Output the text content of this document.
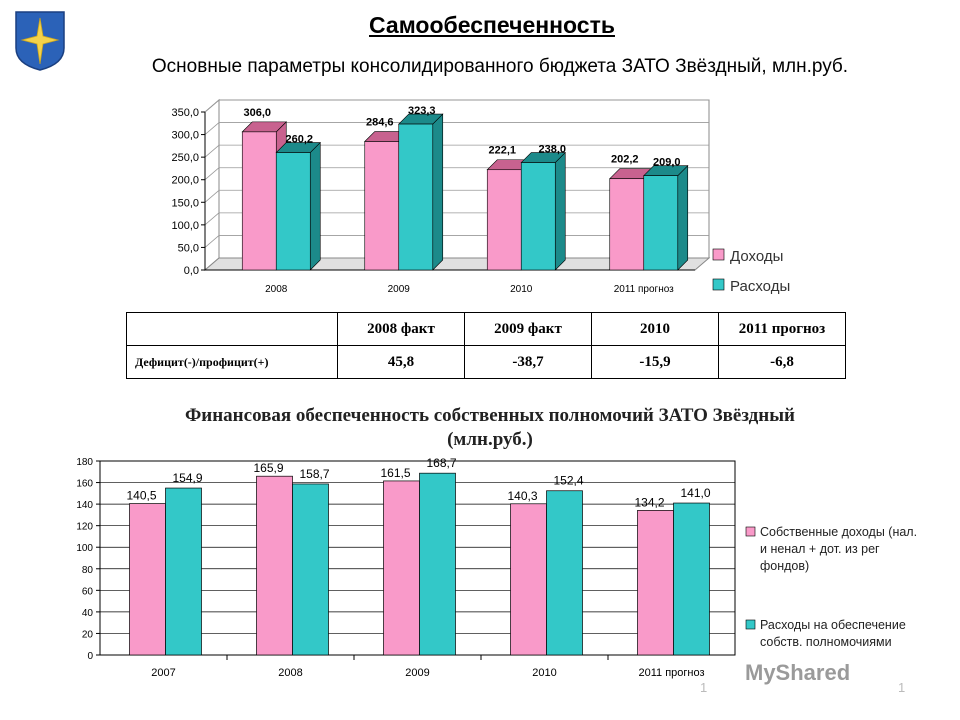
Самообеспеченность
Основные параметры консолидированного бюджета ЗАТО Звёздный, млн.руб.
0,0
50,0
100,0
150,0
200,0
250,0
300,0
350,0	306,0
260,2
2008
284,6
323,3
2009
222,1 238,0
2010
202,2 209,0
2011 прогноз
Доходы
Расходы
	2008 факт	2009 факт	2010	2011 прогноз
Дефицит(-)/профицит(+)	45,8	-38,7	-15,9	-6,8
Финансовая обеспеченность собственных полномочий ЗАТО Звёздный
(млн.руб.)
0
20
40
60
80
100
120
140
160
180
140,5
154,9
2007
165,9 158,7
2008
161,5
168,7
2009
140,3
152,4
2010
134,2
141,0
2011 прогноз
Собственные доходы (нал. и ненал + дот. из рег фондов)
Расходы на обеспечение собств. полномочиями
MyShared
1	1
